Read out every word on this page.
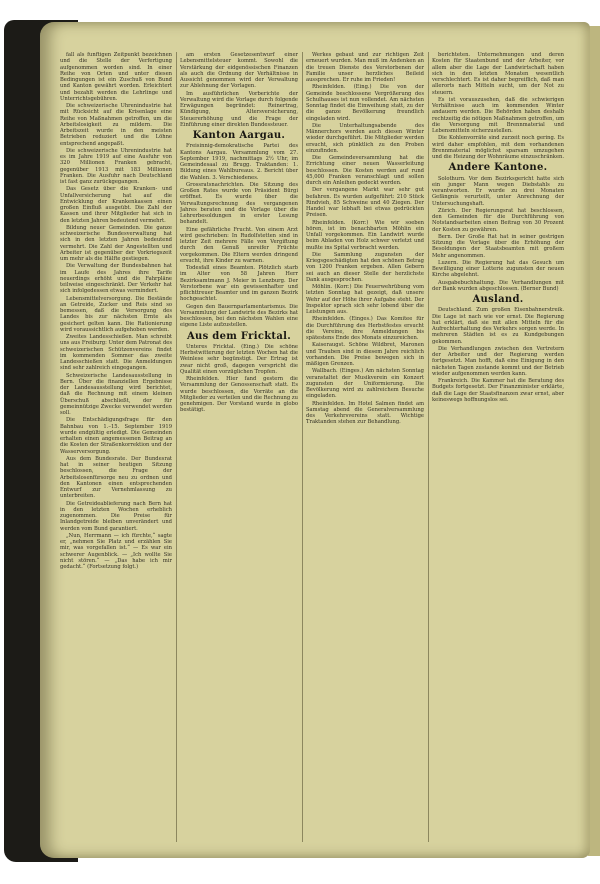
fall als funftigen Zeitpunkt bezeichnen und die Stelle der Verfertigung aufgenommen worden sind. In einer Reihe von Orten und unter diesen Bedingungen ist ein Zuschuß von Bund und Kanton gewährt worden. Erleichtert und bezahlt werden die Lehrlinge und Unterrichtsgebühren.

Die schweizerische Uhrenindustrie hat mit Rücksicht auf die Krisenlage eine Reihe von Maßnahmen getroffen, um die Arbeitslosigkeit zu mildern. Die Arbeitszeit wurde in den meisten Betrieben reduziert und die Löhne entsprechend angepaßt.

Die schweizerische Uhrenindustrie hat es im Jahre 1919 auf eine Ausfuhr von 320 Millionen Franken gebracht, gegenüber 1913 mit 183 Millionen Franken. Die Ausfuhr nach Deutschland ist fast ganz zurückgegangen.

Das Gesetz über die Kranken- und Unfallversicherung hat auf die Entwicklung der Krankenkassen einen großen Einfluß ausgeübt. Die Zahl der Kassen und ihrer Mitglieder hat sich in den letzten Jahren bedeutend vermehrt.

Bildung neuer Gemeinden. Die ganze schweizerische Bundesverwaltung hat sich in den letzten Jahren bedeutend vermehrt. Die Zahl der Angestellten und Arbeiter ist gegenüber der Vorkriegszeit um mehr als die Hälfte gestiegen.

Die Verwaltung der Bundesbahnen hat im Laufe des Jahres ihre Tarife neuerdings erhöht und die Fahrpläne teilweise eingeschränkt. Der Verkehr hat sich infolgedessen etwas vermindert.

Lebensmittelversorgung. Die Bestände an Getreide, Zucker und Reis sind so bemessen, daß die Versorgung des Landes bis zur nächsten Ernte als gesichert gelten kann. Die Rationierung wird voraussichtlich aufgehoben werden.

Zweites Landesschießen. Man schreibt uns aus Freiburg: Unter dem Patronat des schweizerischen Schützenvereins findet im kommenden Sommer das zweite Landesschießen statt. Die Anmeldungen sind sehr zahlreich eingegangen.

Schweizerische Landesausstellung in Bern. Über die finanziellen Ergebnisse der Landesausstellung wird berichtet, daß die Rechnung mit einem kleinen Überschuß abschließt, der für gemeinnützige Zwecke verwendet werden soll.

Die Entschädigungsfrage für den Bahnbau von 1.–15. September 1919 wurde endgültig erledigt. Die Gemeinden erhalten einen angemessenen Beitrag an die Kosten der Straßenkorrektion und der Wasserversorgung.

Aus dem Bundesrate. Der Bundesrat hat in seiner heutigen Sitzung beschlossen, die Frage der Arbeitslosenfürsorge neu zu ordnen und den Kantonen einen entsprechenden Entwurf zur Vernehmlassung zu unterbreiten.

Die Getreideablieferung nach Bern hat in den letzten Wochen erheblich zugenommen. Die Preise für Inlandgetreide bleiben unverändert und werden vom Bund garantiert.

„Nun, Herrmann — ich fürchte,“ sagte er, „nehmen Sie Platz und erzählen Sie mir, was vorgefallen ist.“ — Es war ein schwerer Augenblick. — „Ich wollte Sie nicht stören.“ — „Das habe ich mir gedacht.“ (Fortsetzung folgt.)

am ersten Gesetzesentwurf einer Lebensmittelsteuer kommt. Sowohl die Verstärkung der eidgenössischen Finanzen als auch die Ordnung der Verhältnisse in Aussicht genommen wird der Verwaltung zur Ablehnung der Vorlagen.

Im ausführlichen Vorberichte der Verwaltung wird die Vorlage durch folgende Erwägungen begründet: Reinertrag, Kündigung, Altersversicherung, Steuererhöhung und die Frage der Einführung einer direkten Bundessteuer.

Kanton Aargau.

Freisinnig-demokratische Partei des Kantons Aargau. Versammlung vom 27. September 1919, nachmittags 2½ Uhr, im Gemeindesaal zu Brugg. Traktanden: 1. Bildung eines Wahlbureaus. 2. Bericht über die Wahlen. 3. Verschiedenes.

Grossratsnachrichten. Die Sitzung des Großen Rates wurde von Präsident Bürgi eröffnet. Es wurde über die Verwaltungsrechnung des vergangenen Jahres beraten und die Vorlage über die Lehrerbesoldungen in erster Lesung behandelt.

Eine gefährliche Frucht. Von einem Arzt wird geschrieben: In Rudolfstetten sind in letzter Zeit mehrere Fälle von Vergiftung durch den Genuß unreifer Früchte vorgekommen. Die Eltern werden dringend ersucht, ihre Kinder zu warnen.

Todesfall eines Beamten. Plötzlich starb im Alter von 58 Jahren Herr Bezirksamtmann J. Meier in Lenzburg. Der Verstorbene war ein gewissenhafter und pflichttreuer Beamter und im ganzen Bezirk hochgeachtet.

Gegen den Bauernparlamentarismus. Die Versammlung der Landwirte des Bezirks hat beschlossen, bei den nächsten Wahlen eine eigene Liste aufzustellen.

Aus dem Fricktal.

Unteres Fricktal. (Eing.) Die schöne Herbstwitterung der letzten Wochen hat die Weinlese sehr begünstigt. Der Ertrag ist zwar nicht groß, dagegen verspricht die Qualität einen vorzüglichen Tropfen.

Rheinfelden. Hier fand gestern die Versammlung der Genossenschaft statt. Es wurde beschlossen, die Vorräte an die Mitglieder zu verteilen und die Rechnung zu genehmigen. Der Vorstand wurde in globo bestätigt.

Werkes gebaut und zur richtigen Zeit erneuert wurden. Man muß im Andenken an die treuen Dienste des Verstorbenen der Familie unser herzliches Beileid aussprechen. Er ruhe im Frieden!

Rheinfelden. (Eing.) Die von der Gemeinde beschlossene Vergrößerung des Schulhauses ist nun vollendet. Am nächsten Sonntag findet die Einweihung statt, zu der die ganze Bevölkerung freundlich eingeladen wird.

Die Unterhaltungsabende des Männerchors werden auch diesen Winter wieder durchgeführt. Die Mitglieder werden ersucht, sich pünktlich zu den Proben einzufinden.

Die Gemeindeversammlung hat die Errichtung einer neuen Wasserleitung beschlossen. Die Kosten werden auf rund 45,000 Franken veranschlagt und sollen durch ein Anleihen gedeckt werden.

Der vergangene Markt war sehr gut befahren. Es wurden aufgeführt: 210 Stück Rindvieh, 85 Schweine und 40 Ziegen. Der Handel war lebhaft bei etwas gedrückten Preisen.

Rheinfelden. (Korr.) Wie wir soeben hören, ist im benachbarten Möhlin ein Unfall vorgekommen. Ein Landwirt wurde beim Abladen von Holz schwer verletzt und mußte ins Spital verbracht werden.

Die Sammlung zugunsten der Kriegsgeschädigten hat den schönen Betrag von 1200 Franken ergeben. Allen Gebern sei auch an dieser Stelle der herzlichste Dank ausgesprochen.

Möhlin. (Korr.) Die Feuerwehrübung vom letzten Sonntag hat gezeigt, daß unsere Wehr auf der Höhe ihrer Aufgabe steht. Der Inspektor sprach sich sehr lobend über die Leistungen aus.

Rheinfelden. (Einges.) Das Komitee für die Durchführung des Herbstfestes ersucht die Vereine, ihre Anmeldungen bis spätestens Ende des Monats einzureichen.

Kaiseraugst. Schöne Wildbret, Maronen und Trauben sind in diesem Jahre reichlich vorhanden. Die Preise bewegen sich in mäßigen Grenzen.

Wallbach. (Einges.) Am nächsten Sonntag veranstaltet der Musikverein ein Konzert zugunsten der Uniformierung. Die Bevölkerung wird zu zahlreichem Besuche eingeladen.

Rheinfelden. Im Hotel Salmen findet am Samstag abend die Generalversammlung des Verkehrsvereins statt. Wichtige Traktanden stehen zur Behandlung.

berichteten. Unternehmungen und deren Kosten für Staatenbund und der Arbeiter, vor allem aber die Lage der Landwirtschaft haben sich in den letzten Monaten wesentlich verschlechtert. Es ist daher begreiflich, daß man allerorts nach Mitteln sucht, um der Not zu steuern.

Es ist vorauszusehen, daß die schwierigen Verhältnisse auch im kommenden Winter andauern werden. Die Behörden haben deshalb rechtzeitig die nötigen Maßnahmen getroffen, um die Versorgung mit Brennmaterial und Lebensmitteln sicherzustellen.

Die Kohlenvorräte sind zurzeit noch gering. Es wird daher empfohlen, mit dem vorhandenen Brennmaterial möglichst sparsam umzugehen und die Heizung der Wohnräume einzuschränken.

Andere Kantone.

Solothurn. Vor dem Bezirksgericht hatte sich ein junger Mann wegen Diebstahls zu verantworten. Er wurde zu drei Monaten Gefängnis verurteilt, unter Anrechnung der Untersuchungshaft.

Zürich. Der Regierungsrat hat beschlossen, den Gemeinden für die Durchführung von Notstandsarbeiten einen Beitrag von 30 Prozent der Kosten zu gewähren.

Bern. Der Große Rat hat in seiner gestrigen Sitzung die Vorlage über die Erhöhung der Besoldungen der Staatsbeamten mit großem Mehr angenommen.

Luzern. Die Regierung hat das Gesuch um Bewilligung einer Lotterie zugunsten der neuen Kirche abgelehnt.

Ausgabebuchhaltung. Die Verhandlungen mit der Bank wurden abgeschlossen. (Berner Bund)

Ausland.

Deutschland. Zum großen Eisenbahnerstreik. Die Lage ist nach wie vor ernst. Die Regierung hat erklärt, daß sie mit allen Mitteln für die Aufrechterhaltung des Verkehrs sorgen werde. In mehreren Städten ist es zu Kundgebungen gekommen.

Die Verhandlungen zwischen den Vertretern der Arbeiter und der Regierung werden fortgesetzt. Man hofft, daß eine Einigung in den nächsten Tagen zustande kommt und der Betrieb wieder aufgenommen werden kann.

Frankreich. Die Kammer hat die Beratung des Budgets fortgesetzt. Der Finanzminister erklärte, daß die Lage der Staatsfinanzen zwar ernst, aber keineswegs hoffnungslos sei.
